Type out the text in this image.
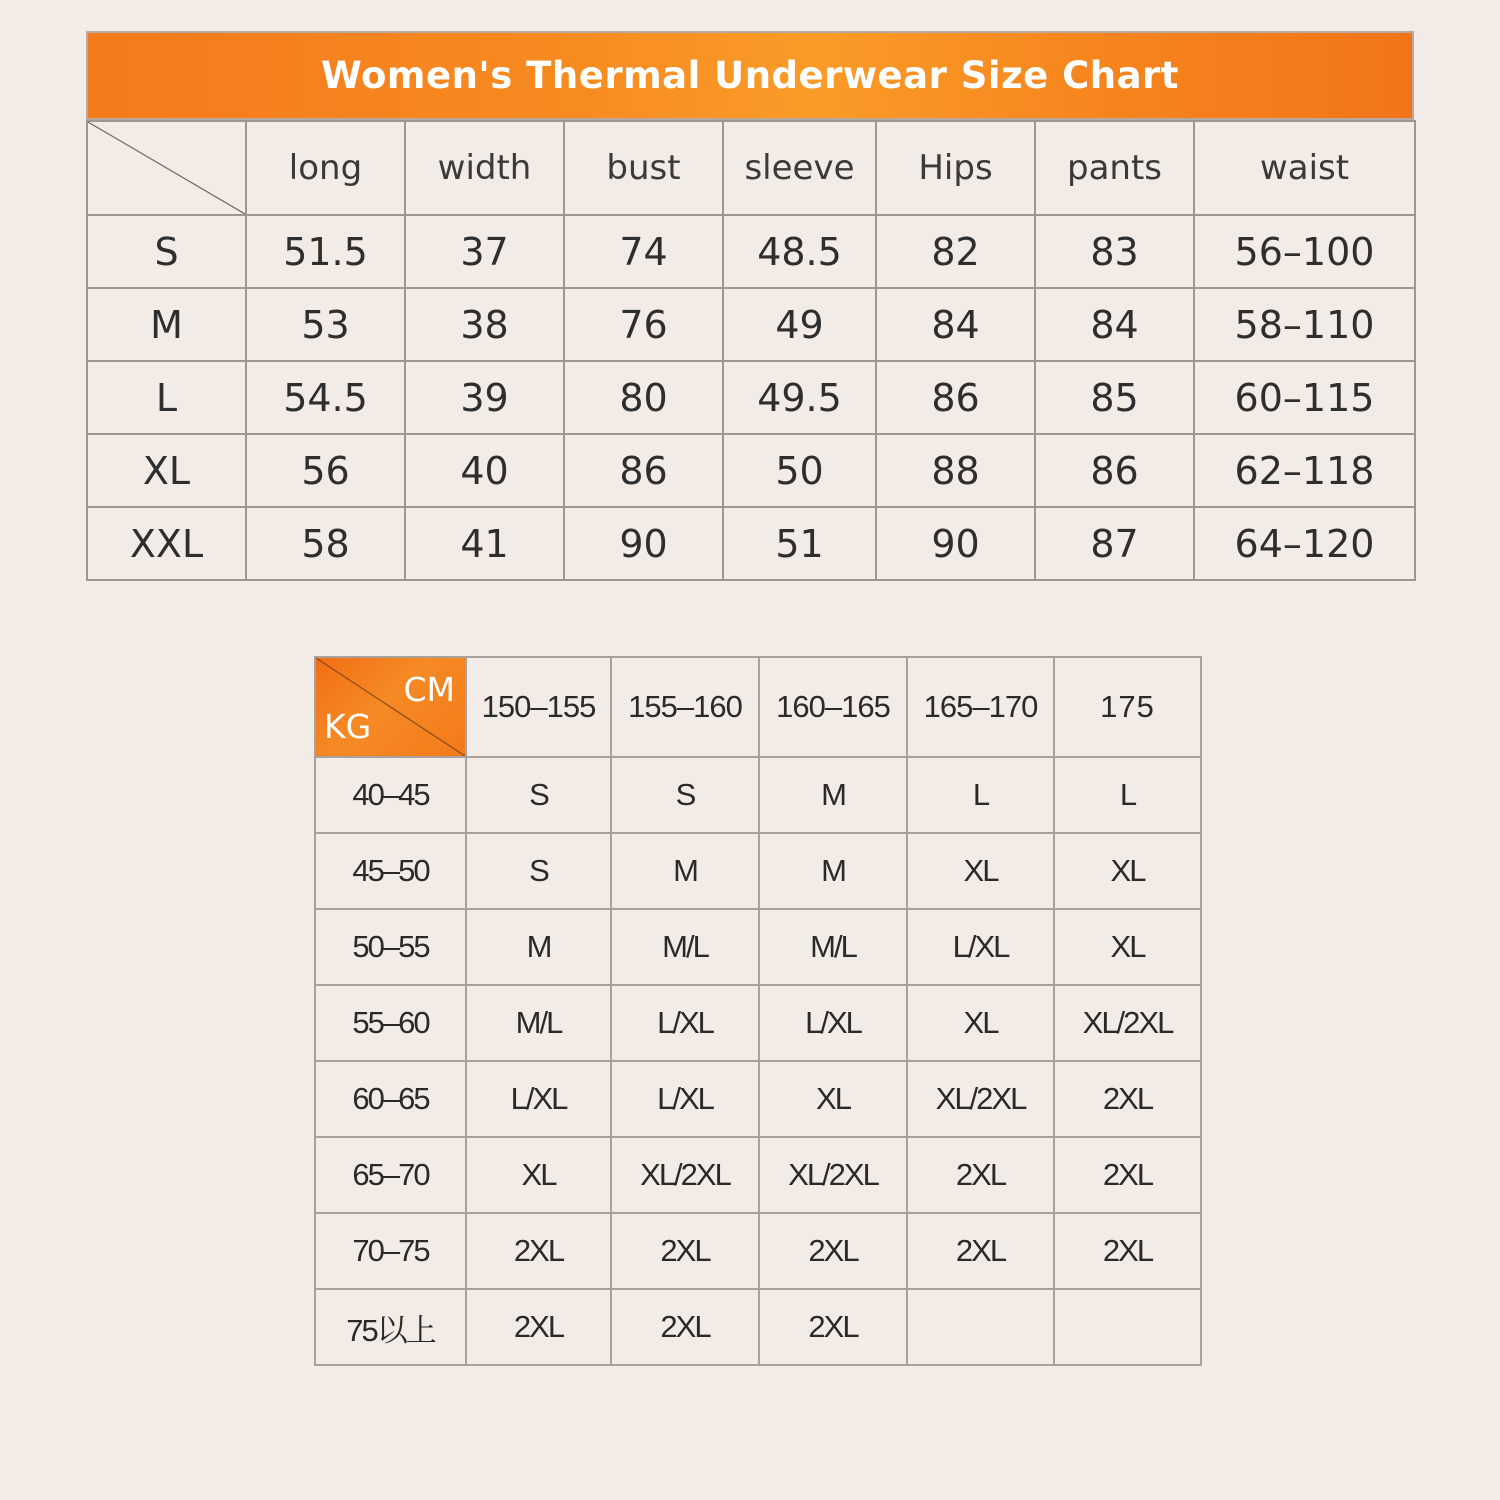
Women's Thermal Underwear Size Chart
	long	width	bust	sleeve	Hips	pants	waist
S	51.5	37	74	48.5	82	83	56–100
M	53	38	76	49	84	84	58–110
L	54.5	39	80	49.5	86	85	60–115
XL	56	40	86	50	88	86	62–118
XXL	58	41	90	51	90	87	64–120
CM
KG	150–155	155–160	160–165	165–170	175
40–45	S	S	M	L	L
45–50	S	M	M	XL	XL
50–55	M	M/L	M/L	L/XL	XL
55–60	M/L	L/XL	L/XL	XL	XL/2XL
60–65	L/XL	L/XL	XL	XL/2XL	2XL
65–70	XL	XL/2XL	XL/2XL	2XL	2XL
70–75	2XL	2XL	2XL	2XL	2XL
75以上	2XL	2XL	2XL		
